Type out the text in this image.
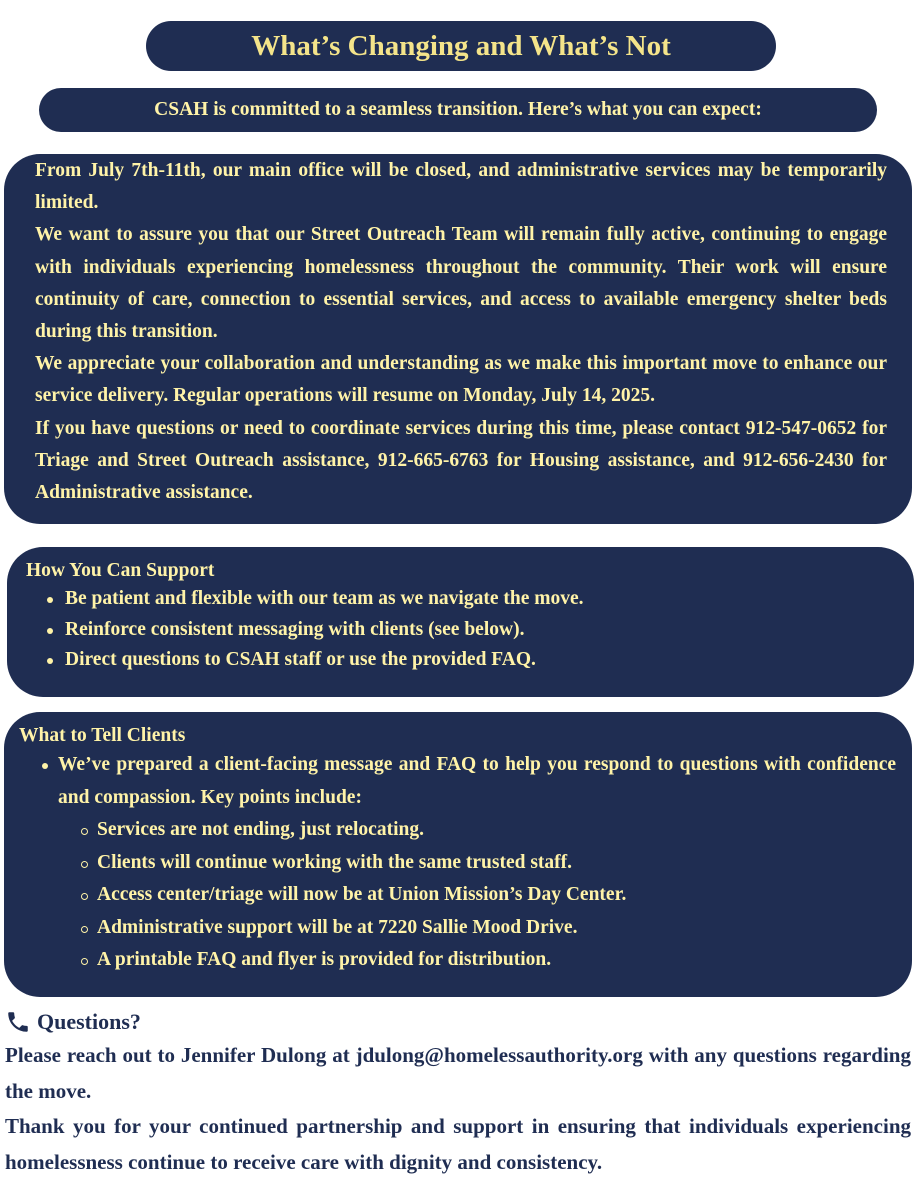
What’s Changing and What’s Not
CSAH is committed to a seamless transition. Here’s what you can expect:

From July 7th-11th, our main office will be closed, and administrative services may be temporarily limited.

We want to assure you that our Street Outreach Team will remain fully active, continuing to engage with individuals experiencing homelessness throughout the community. Their work will ensure continuity of care, connection to essential services, and access to available emergency shelter beds during this transition.

We appreciate your collaboration and understanding as we make this important move to enhance our service delivery. Regular operations will resume on Monday, July 14, 2025.

If you have questions or need to coordinate services during this time, please contact 912-547-0652 for Triage and Street Outreach assistance, 912-665-6763 for Housing assistance, and 912-656-2430 for Administrative assistance.

How You Can Support
Be patient and flexible with our team as we navigate the move.
Reinforce consistent messaging with clients (see below).
Direct questions to CSAH staff or use the provided FAQ.
What to Tell Clients
We’ve prepared a client-facing message and FAQ to help you respond to questions with confidence and compassion. Key points include:
Services are not ending, just relocating.
Clients will continue working with the same trusted staff.
Access center/triage will now be at Union Mission’s Day Center.
Administrative support will be at 7220 Sallie Mood Drive.
A printable FAQ and flyer is provided for distribution.
Questions?

Please reach out to Jennifer Dulong at jdulong@homelessauthority.org with any questions regarding the move.

Thank you for your continued partnership and support in ensuring that individuals experiencing homelessness continue to receive care with dignity and consistency.
